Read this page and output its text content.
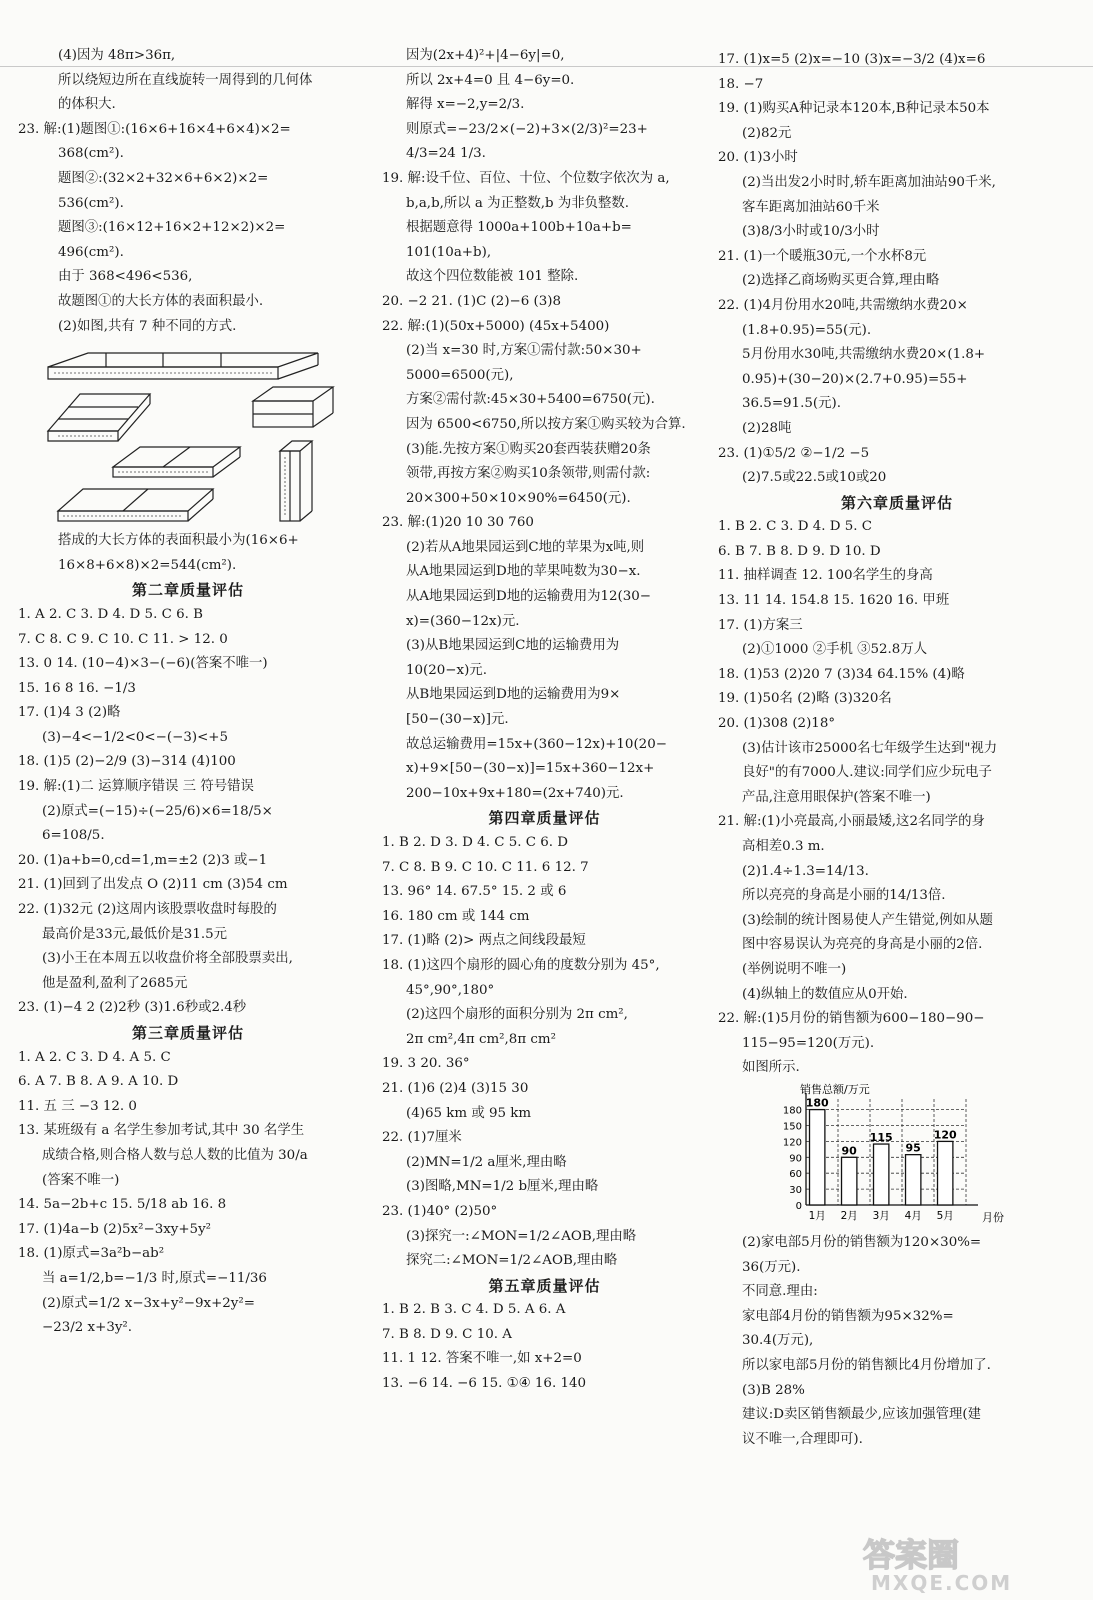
(4)因为 48π>36π,
所以绕短边所在直线旋转一周得到的几何体
的体积大.
23. 解:(1)题图①:(16×6+16×4+6×4)×2=
368(cm²).
题图②:(32×2+32×6+6×2)×2=
536(cm²).
题图③:(16×12+16×2+12×2)×2=
496(cm²).
由于 368<496<536,
故题图①的大长方体的表面积最小.
(2)如图,共有 7 种不同的方式.
搭成的大长方体的表面积最小为(16×6+
16×8+6×8)×2=544(cm²).
第二章质量评估
1. A 2. C 3. D 4. D 5. C 6. B
7. C 8. C 9. C 10. C 11. > 12. 0
13. 0 14. (10−4)×3−(−6)(答案不唯一)
15. 16 8 16. −1/3
17. (1)4 3 (2)略
(3)−4<−1/2<0<−(−3)<+5
18. (1)5 (2)−2/9 (3)−314 (4)100
19. 解:(1)二 运算顺序错误 三 符号错误
(2)原式=(−15)÷(−25/6)×6=18/5×
6=108/5.
20. (1)a+b=0,cd=1,m=±2 (2)3 或−1
21. (1)回到了出发点 O (2)11 cm (3)54 cm
22. (1)32元 (2)这周内该股票收盘时每股的
最高价是33元,最低价是31.5元
(3)小王在本周五以收盘价将全部股票卖出,
他是盈利,盈利了2685元
23. (1)−4 2 (2)2秒 (3)1.6秒或2.4秒
第三章质量评估
1. A 2. C 3. D 4. A 5. C
6. A 7. B 8. A 9. A 10. D
11. 五 三 −3 12. 0
13. 某班级有 a 名学生参加考试,其中 30 名学生
成绩合格,则合格人数与总人数的比值为 30/a
(答案不唯一)
14. 5a−2b+c 15. 5/18 ab 16. 8
17. (1)4a−b (2)5x²−3xy+5y²
18. (1)原式=3a²b−ab²
当 a=1/2,b=−1/3 时,原式=−11/36
(2)原式=1/2 x−3x+y²−9x+2y²=
−23/2 x+3y².
因为(2x+4)²+|4−6y|=0,
所以 2x+4=0 且 4−6y=0.
解得 x=−2,y=2/3.
则原式=−23/2×(−2)+3×(2/3)²=23+
4/3=24 1/3.
19. 解:设千位、百位、十位、个位数字依次为 a,
b,a,b,所以 a 为正整数,b 为非负整数.
根据题意得 1000a+100b+10a+b=
101(10a+b),
故这个四位数能被 101 整除.
20. −2 21. (1)C (2)−6 (3)8
22. 解:(1)(50x+5000) (45x+5400)
(2)当 x=30 时,方案①需付款:50×30+
5000=6500(元),
方案②需付款:45×30+5400=6750(元).
因为 6500<6750,所以按方案①购买较为合算.
(3)能.先按方案①购买20套西装获赠20条
领带,再按方案②购买10条领带,则需付款:
20×300+50×10×90%=6450(元).
23. 解:(1)20 10 30 760
(2)若从A地果园运到C地的苹果为x吨,则
从A地果园运到D地的苹果吨数为30−x.
从A地果园运到D地的运输费用为12(30−
x)=(360−12x)元.
(3)从B地果园运到C地的运输费用为
10(20−x)元.
从B地果园运到D地的运输费用为9×
[50−(30−x)]元.
故总运输费用=15x+(360−12x)+10(20−
x)+9×[50−(30−x)]=15x+360−12x+
200−10x+9x+180=(2x+740)元.
第四章质量评估
1. B 2. D 3. D 4. C 5. C 6. D
7. C 8. B 9. C 10. C 11. 6 12. 7
13. 96° 14. 67.5° 15. 2 或 6
16. 180 cm 或 144 cm
17. (1)略 (2)> 两点之间线段最短
18. (1)这四个扇形的圆心角的度数分别为 45°,
45°,90°,180°
(2)这四个扇形的面积分别为 2π cm²,
2π cm²,4π cm²,8π cm²
19. 3 20. 36°
21. (1)6 (2)4 (3)15 30
(4)65 km 或 95 km
22. (1)7厘米
(2)MN=1/2 a厘米,理由略
(3)图略,MN=1/2 b厘米,理由略
23. (1)40° (2)50°
(3)探究一:∠MON=1/2∠AOB,理由略
探究二:∠MON=1/2∠AOB,理由略
第五章质量评估
1. B 2. B 3. C 4. D 5. A 6. A
7. B 8. D 9. C 10. A
11. 1 12. 答案不唯一,如 x+2=0
13. −6 14. −6 15. ①④ 16. 140
17. (1)x=5 (2)x=−10 (3)x=−3/2 (4)x=6
18. −7
19. (1)购买A种记录本120本,B种记录本50本
(2)82元
20. (1)3小时
(2)当出发2小时时,轿车距离加油站90千米,
客车距离加油站60千米
(3)8/3小时或10/3小时
21. (1)一个暖瓶30元,一个水杯8元
(2)选择乙商场购买更合算,理由略
22. (1)4月份用水20吨,共需缴纳水费20×
(1.8+0.95)=55(元).
5月份用水30吨,共需缴纳水费20×(1.8+
0.95)+(30−20)×(2.7+0.95)=55+
36.5=91.5(元).
(2)28吨
23. (1)①5/2 ②−1/2 −5
(2)7.5或22.5或10或20
第六章质量评估
1. B 2. C 3. D 4. D 5. C
6. B 7. B 8. D 9. D 10. D
11. 抽样调查 12. 100名学生的身高
13. 11 14. 154.8 15. 1620 16. 甲班
17. (1)方案三
(2)①1000 ②手机 ③52.8万人
18. (1)53 (2)20 7 (3)34 64.15% (4)略
19. (1)50名 (2)略 (3)320名
20. (1)308 (2)18°
(3)估计该市25000名七年级学生达到"视力
良好"的有7000人.建议:同学们应少玩电子
产品,注意用眼保护(答案不唯一)
21. 解:(1)小亮最高,小丽最矮,这2名同学的身
高相差0.3 m.
(2)1.4÷1.3=14/13.
所以亮亮的身高是小丽的14/13倍.
(3)绘制的统计图易使人产生错觉,例如从题
图中容易误认为亮亮的身高是小丽的2倍.
(举例说明不唯一)
(4)纵轴上的数值应从0开始.
22. 解:(1)5月份的销售额为600−180−90−
115−95=120(万元).
如图所示.
销售总额/万元
月份
0
30
60
90
120
150
180
180
1月
90
2月
115
3月
95
4月
120
5月
(2)家电部5月份的销售额为120×30%=
36(万元).
不同意.理由:
家电部4月份的销售额为95×32%=
30.4(万元),
所以家电部5月份的销售额比4月份增加了.
(3)B 28%
建议:D卖区销售额最少,应该加强管理(建
议不唯一,合理即可).
答案圈
MXQE.COM
